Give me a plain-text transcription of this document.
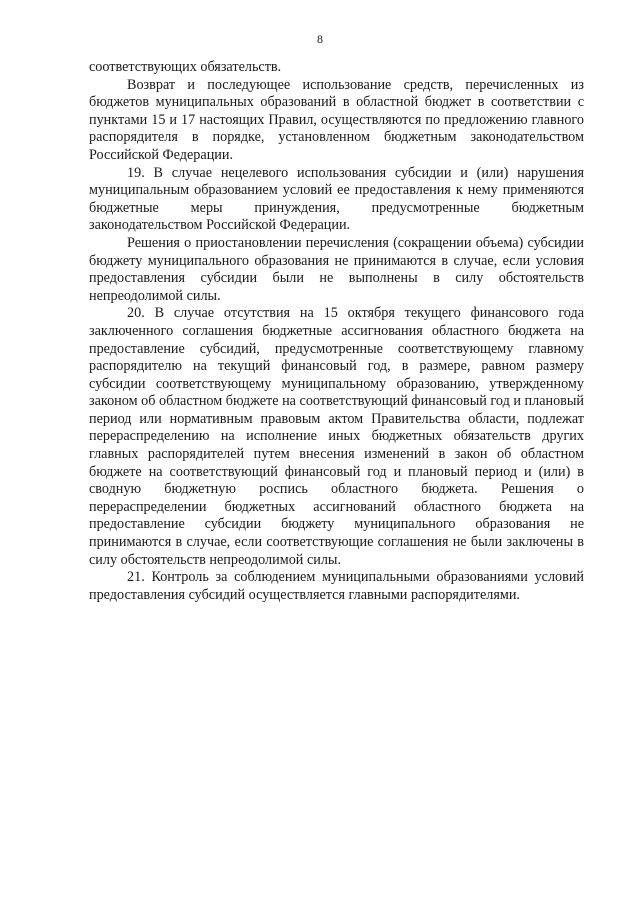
8

соответствующих обязательств.

Возврат и последующее использование средств, перечисленных из бюджетов муниципальных образований в областной бюджет в соответствии с пунктами 15 и 17 настоящих Правил, осуществляются по предложению главного распорядителя в порядке, установленном бюджетным законодательством Российской Федерации.

19. В случае нецелевого использования субсидии и (или) нарушения муниципальным образованием условий ее предоставления к нему применяются бюджетные меры принуждения, предусмотренные бюджетным законодательством Российской Федерации.

Решения о приостановлении перечисления (сокращении объема) субсидии бюджету муниципального образования не принимаются в случае, если условия предоставления субсидии были не выполнены в силу обстоятельств непреодолимой силы.

20. В случае отсутствия на 15 октября текущего финансового года заключенного соглашения бюджетные ассигнования областного бюджета на предоставление субсидий, предусмотренные соответствующему главному распорядителю на текущий финансовый год, в размере, равном размеру субсидии соответствующему муниципальному образованию, утвержденному законом об областном бюджете на соответствующий финансовый год и плановый период или нормативным правовым актом Правительства области, подлежат перераспределению на исполнение иных бюджетных обязательств других главных распорядителей путем внесения изменений в закон об областном бюджете на соответствующий финансовый год и плановый период и (или) в сводную бюджетную роспись областного бюджета. Решения о перераспределении бюджетных ассигнований областного бюджета на предоставление субсидии бюджету муниципального образования не принимаются в случае, если соответствующие соглашения не были заключены в силу обстоятельств непреодолимой силы.

21. Контроль за соблюдением муниципальными образованиями условий предоставления субсидий осуществляется главными распорядителями.
